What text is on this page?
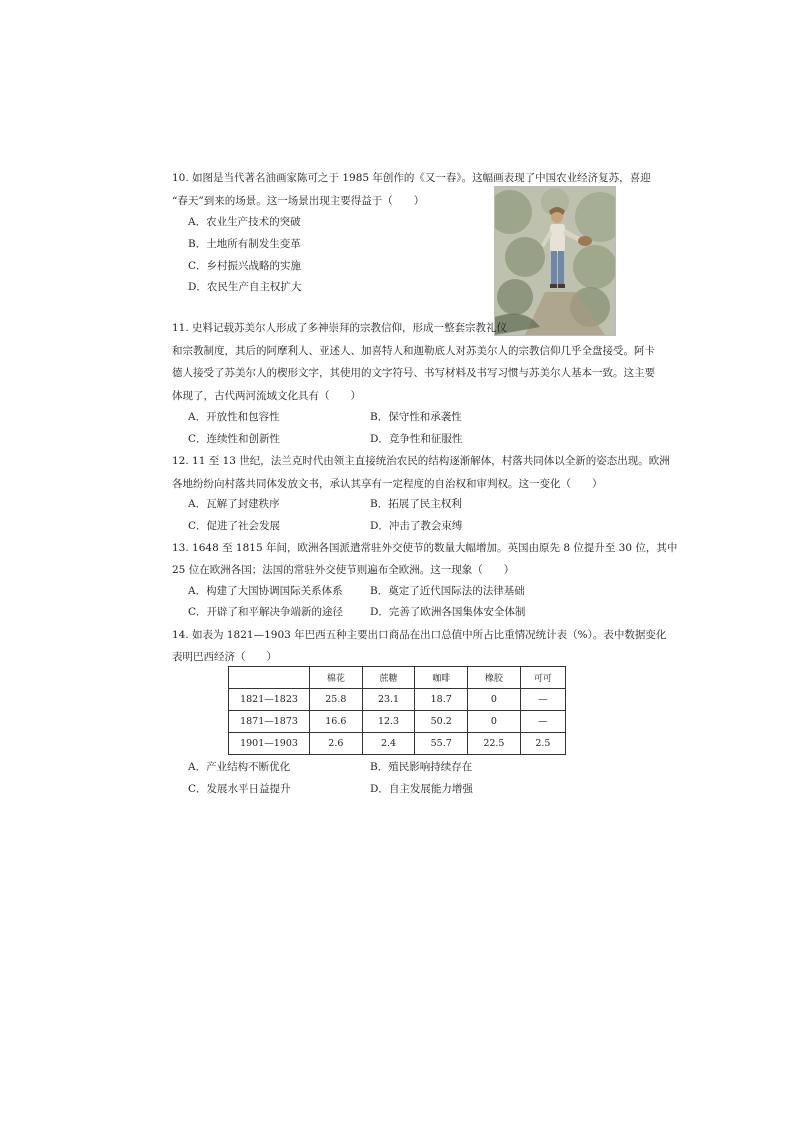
10. 如图是当代著名油画家陈可之于 1985 年创作的《又一春》。这幅画表现了中国农业经济复苏，喜迎
“春天”到来的场景。这一场景出现主要得益于（　　）
A．农业生产技术的突破
B．土地所有制发生变革
C．乡村振兴战略的实施
D．农民生产自主权扩大
11. 史料记载苏美尔人形成了多神崇拜的宗教信仰，形成一整套宗教礼仪
和宗教制度，其后的阿摩利人、亚述人、加喜特人和迦勒底人对苏美尔人的宗教信仰几乎全盘接受。阿卡
德人接受了苏美尔人的楔形文字，其使用的文字符号、书写材料及书写习惯与苏美尔人基本一致。这主要
体现了，古代两河流域文化具有（　　）
A．开放性和包容性	B．保守性和承袭性
C．连续性和创新性	D．竞争性和征服性
12. 11 至 13 世纪，法兰克时代由领主直接统治农民的结构逐渐解体，村落共同体以全新的姿态出现。欧洲
各地纷纷向村落共同体发放文书，承认其享有一定程度的自治权和审判权。这一变化（　　）
A．瓦解了封建秩序	B．拓展了民主权利
C．促进了社会发展	D．冲击了教会束缚
13. 1648 至 1815 年间，欧洲各国派遣常驻外交使节的数量大幅增加。英国由原先 8 位提升至 30 位，其中
25 位在欧洲各国；法国的常驻外交使节则遍布全欧洲。这一现象（　　）
A．构建了大国协调国际关系体系	B．奠定了近代国际法的法律基础
C．开辟了和平解决争端新的途径	D．完善了欧洲各国集体安全体制
14. 如表为 1821—1903 年巴西五种主要出口商品在出口总值中所占比重情况统计表（%）。表中数据变化
表明巴西经济（　　）
	棉花	蔗糖	咖啡	橡胶	可可
1821—1823	25.8	23.1	18.7	0	—
1871—1873	16.6	12.3	50.2	0	—
1901—1903	2.6	2.4	55.7	22.5	2.5
A．产业结构不断优化	B．殖民影响持续存在
C．发展水平日益提升	D．自主发展能力增强
